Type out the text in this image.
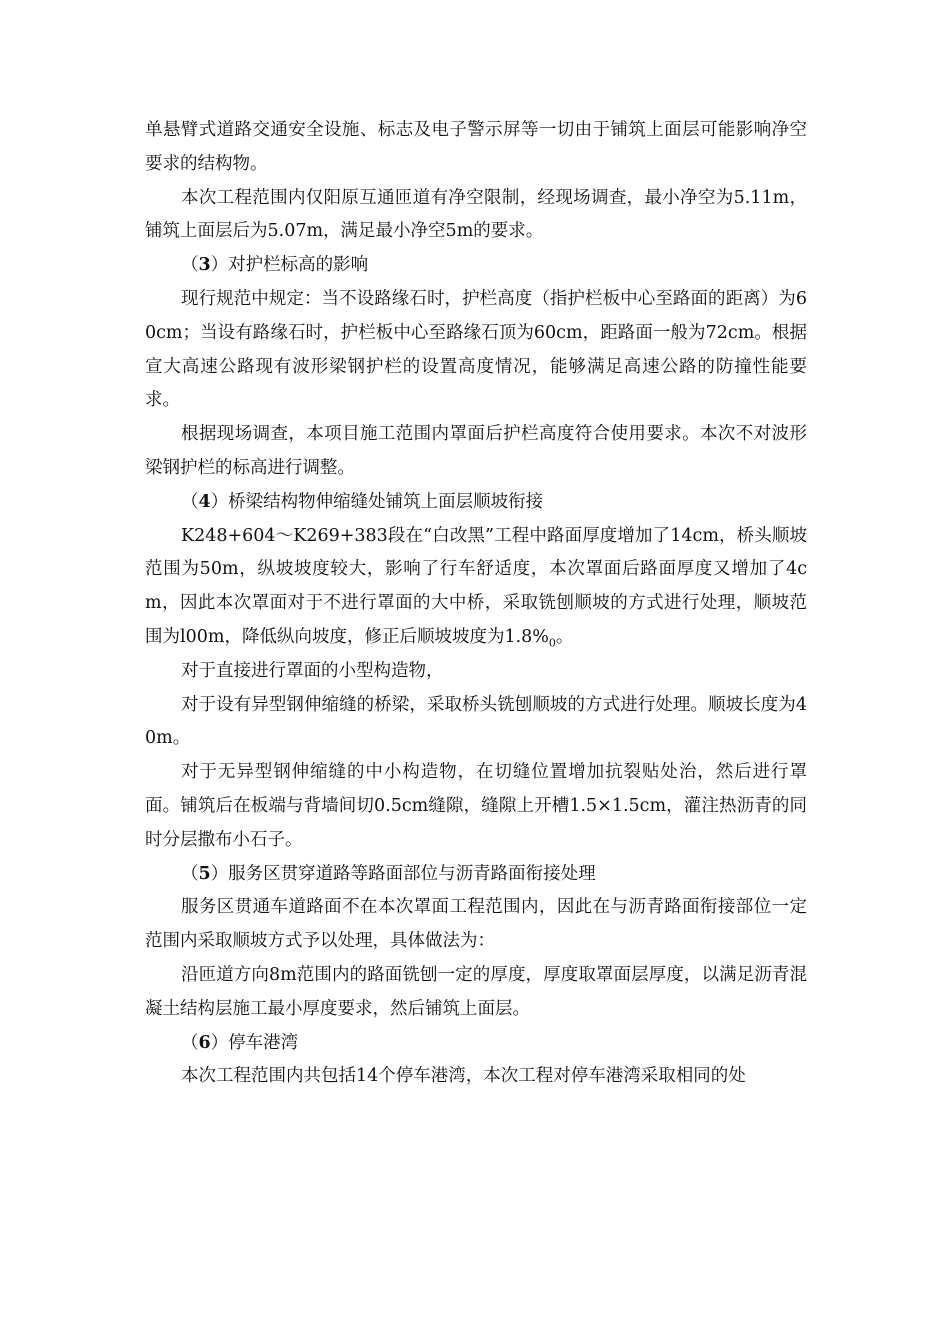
单悬臂式道路交通安全设施、标志及电子警示屏等一切由于铺筑上面层可能影响净空要求的结构物。

本次工程范围内仅阳原互通匝道有净空限制，经现场调查，最小净空为5.11m，铺筑上面层后为5.07m，满足最小净空5m的要求。

（3）对护栏标高的影响

现行规范中规定：当不设路缘石时，护栏高度（指护栏板中心至路面的距离）为60cm；当设有路缘石时，护栏板中心至路缘石顶为60cm，距路面一般为72cm。根据宣大高速公路现有波形梁钢护栏的设置高度情况，能够满足高速公路的防撞性能要求。

根据现场调查，本项目施工范围内罩面后护栏高度符合使用要求。本次不对波形梁钢护栏的标高进行调整。

（4）桥梁结构物伸缩缝处铺筑上面层顺坡衔接

K248+604～K269+383段在“白改黑”工程中路面厚度增加了14cm，桥头顺坡范围为50m，纵坡坡度较大，影响了行车舒适度，本次罩面后路面厚度又增加了4cm，因此本次罩面对于不进行罩面的大中桥，采取铣刨顺坡的方式进行处理，顺坡范围为l00m，降低纵向坡度，修正后顺坡坡度为$1.8\%_0$。

对于直接进行罩面的小型构造物，

对于设有异型钢伸缩缝的桥梁，采取桥头铣刨顺坡的方式进行处理。顺坡长度为40m。

对于无异型钢伸缩缝的中小构造物，在切缝位置增加抗裂贴处治，然后进行罩面。铺筑后在板端与背墙间切0.5cm缝隙，缝隙上开槽1.5×1.5cm，灌注热沥青的同时分层撒布小石子。

（5）服务区贯穿道路等路面部位与沥青路面衔接处理

服务区贯通车道路面不在本次罩面工程范围内，因此在与沥青路面衔接部位一定范围内采取顺坡方式予以处理，具体做法为：

沿匝道方向8m范围内的路面铣刨一定的厚度，厚度取罩面层厚度，以满足沥青混凝土结构层施工最小厚度要求，然后铺筑上面层。

（6）停车港湾

本次工程范围内共包括14个停车港湾，本次工程对停车港湾采取相同的处
